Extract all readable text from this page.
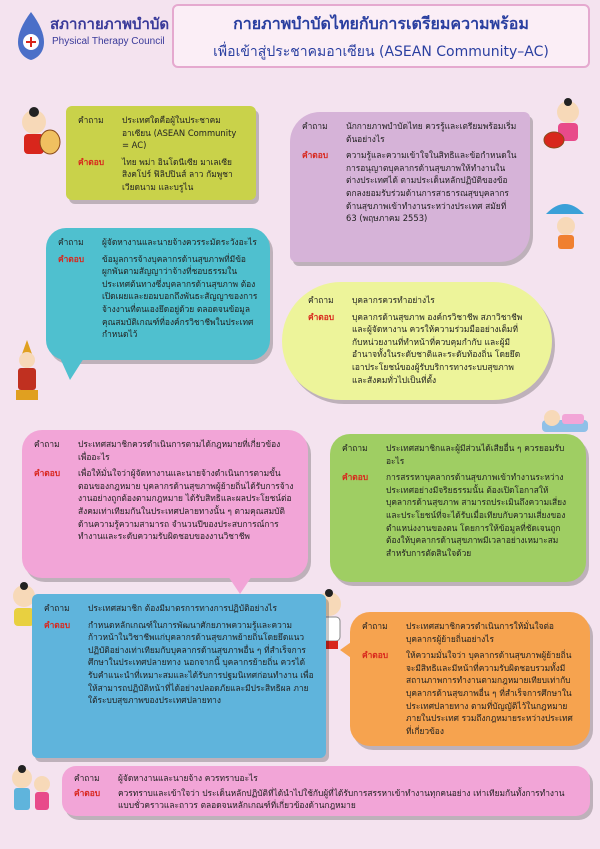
สภากายภาพบำบัด
Physical Therapy Council
กายภาพบำบัดไทยกับการเตรียมความพร้อม
เพื่อเข้าสู่ประชาคมอาเซียน (ASEAN Community–AC)
คำถาม	ประเทศใดคือผู้ในประชาคมอาเซียน (ASEAN Community = AC)
คำตอบ	ไทย พม่า อินโดนีเซีย มาเลเซีย สิงคโปร์ ฟิลิปปินส์ ลาว กัมพูชา เวียดนาม และบรูไน
คำถาม	นักกายภาพบำบัดไทย ควรรู้และเตรียมพร้อมเริ่มต้นอย่างไร
คำตอบ	ความรู้และความเข้าใจในสิทธิและข้อกำหนดในการอนุญาตบุคลากรด้านสุขภาพให้ทำงานในต่างประเทศได้ ตามประเด็นหลักปฏิบัติของข้อตกลงยอมรับร่วมด้านการสาธารณสุขบุคลากรด้านสุขภาพเข้าทำงานระหว่างประเทศ สมัยที่ 63 (พฤษภาคม 2553)
คำถาม	ผู้จัดหางานและนายจ้างควรระมัดระวังอะไร
คำตอบ	ข้อมูลการจ้างบุคลากรด้านสุขภาพที่มีข้อผูกพันตามสัญญาว่าจ้างที่ชอบธรรมในประเทศต้นทางซึ่งบุคลากรด้านสุขภาพ ต้องเปิดเผยและยอมบอกถึงพันธะสัญญาของการจ้างงานที่ตนเองยึดอยู่ด้วย ตลอดจนข้อมูลคุณสมบัติเกณฑ์ที่องค์กรวิชาชีพในประเทศกำหนดไว้
คำถาม	บุคลากรควรทำอย่างไร
คำตอบ	บุคลากรด้านสุขภาพ องค์กรวิชาชีพ สภาวิชาชีพ และผู้จัดหางาน ควรให้ความร่วมมืออย่างเต็มที่กับหน่วยงานที่ทำหน้าที่ควบคุมกำกับ และผู้มีอำนาจทั้งในระดับชาติและระดับท้องถิ่น โดยยึดเอาประโยชน์ของผู้รับบริการทางระบบสุขภาพและสังคมทั่วไปเป็นที่ตั้ง
คำถาม	ประเทศสมาชิกควรดำเนินการตามได้กฎหมายที่เกี่ยวข้อง เพื่ออะไร
คำตอบ	เพื่อให้มั่นใจว่าผู้จัดหางานและนายจ้างดำเนินการตามขั้นตอนของกฎหมาย บุคลากรด้านสุขภาพผู้ย้ายถิ่นได้รับการจ้างงานอย่างถูกต้องตามกฎหมาย ได้รับสิทธิและผลประโยชน์ต่อสังคมเท่าเทียมกันในประเทศปลายทางนั้น ๆ ตามคุณสมบัติด้านความรู้ความสามารถ จำนวนปีของประสบการณ์การทำงานและระดับความรับผิดชอบของงานวิชาชีพ
คำถาม	ประเทศสมาชิกและผู้มีส่วนได้เสียอื่น ๆ ควรยอมรับอะไร
คำตอบ	การสรรหาบุคลากรด้านสุขภาพเข้าทำงานระหว่างประเทศอย่างมีจริยธรรมนั้น ต้องเปิดโอกาสให้บุคลากรด้านสุขภาพ สามารถประเมินถึงความเสี่ยงและประโยชน์ที่จะได้รับเมื่อเทียบกับความเสี่ยงของตำแหน่งงานของตน โดยการให้ข้อมูลที่ชัดเจนถูกต้องให้บุคลากรด้านสุขภาพมีเวลาอย่างเหมาะสมสำหรับการตัดสินใจด้วย
คำถาม	ประเทศสมาชิก ต้องมีมาตรการทางการปฏิบัติอย่างไร
คำตอบ	กำหนดหลักเกณฑ์ในการพัฒนาศักยภาพความรู้และความก้าวหน้าในวิชาชีพแก่บุคลากรด้านสุขภาพย้ายถิ่นโดยยึดแนวปฏิบัติอย่างเท่าเทียมกับบุคลากรด้านสุขภาพอื่น ๆ ที่สำเร็จการศึกษาในประเทศปลายทาง นอกจากนี้ บุคลากรย้ายถิ่น ควรได้รับคำแนะนำที่เหมาะสมและได้รับการปฐมนิเทศก่อนทำงาน เพื่อให้สามารถปฏิบัติหน้าที่ได้อย่างปลอดภัยและมีประสิทธิผล ภายใต้ระบบสุขภาพของประเทศปลายทาง
คำถาม	ประเทศสมาชิกควรดำเนินการให้มั่นใจต่อบุคลากรผู้ย้ายถิ่นอย่างไร
คำตอบ	ให้ความมั่นใจว่า บุคลากรด้านสุขภาพผู้ย้ายถิ่น จะมีสิทธิและมีหน้าที่ความรับผิดชอบรวมทั้งมีสถานภาพการทำงานตามกฎหมายเทียบเท่ากับบุคลากรด้านสุขภาพอื่น ๆ ที่สำเร็จการศึกษาในประเทศปลายทาง ตามที่บัญญัติไว้ในกฎหมายภายในประเทศ รวมถึงกฎหมายระหว่างประเทศที่เกี่ยวข้อง
คำถาม	ผู้จัดหางานและนายจ้าง ควรทราบอะไร
คำตอบ	ควรทราบและเข้าใจว่า ประเด็นหลักปฏิบัติที่ได้นำไปใช้กับผู้ที่ได้รับการสรรหาเข้าทำงานทุกคนอย่าง เท่าเทียมกันทั้งการทำงานแบบชั่วคราวและถาวร ตลอดจนหลักเกณฑ์ที่เกี่ยวข้องด้านกฎหมาย
